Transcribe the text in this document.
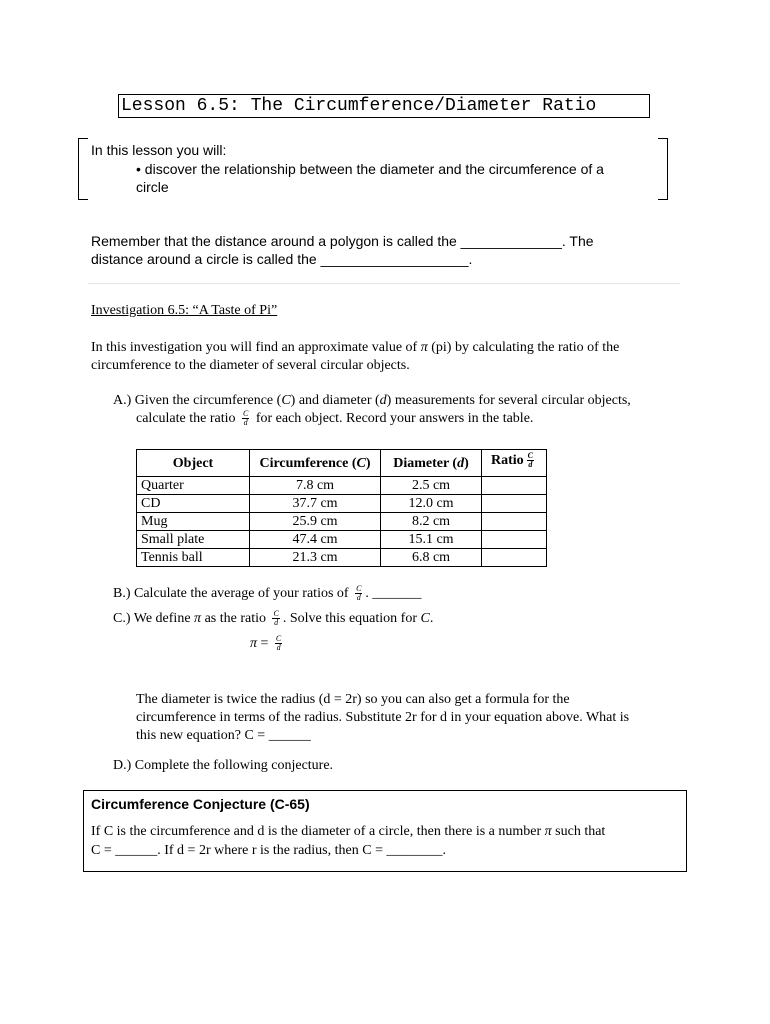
Lesson 6.5: The Circumference/Diameter Ratio
In this lesson you will:
• discover the relationship between the diameter and the circumference of a
circle
Remember that the distance around a polygon is called the _____________. The
distance around a circle is called the ___________________.
Investigation 6.5: “A Taste of Pi”
In this investigation you will find an approximate value of π (pi) by calculating the ratio of the
circumference to the diameter of several circular objects.
A.) Given the circumference (C) and diameter (d) measurements for several circular objects,
calculate the ratio $\frac{C}{d}$ for each object. Record your answers in the table.
Object	Circumference (C)	Diameter (d)	Ratio $\frac{C}{d}$

Quarter	7.8 cm	2.5 cm	
CD	37.7 cm	12.0 cm	
Mug	25.9 cm	8.2 cm	
Small plate	47.4 cm	15.1 cm	
Tennis ball	21.3 cm	6.8 cm	
B.) Calculate the average of your ratios of $\frac{C}{d}$ . _______
C.) We define π as the ratio $\frac{C}{d}$ . Solve this equation for C.
$\pi = \frac{C}{d}$
The diameter is twice the radius (d = 2r) so you can also get a formula for the
circumference in terms of the radius. Substitute 2r for d in your equation above. What is
this new equation? C = ______
D.) Complete the following conjecture.
Circumference Conjecture (C-65)
If C is the circumference and d is the diameter of a circle, then there is a number π such that
C = ______. If d = 2r where r is the radius, then C = ________.
